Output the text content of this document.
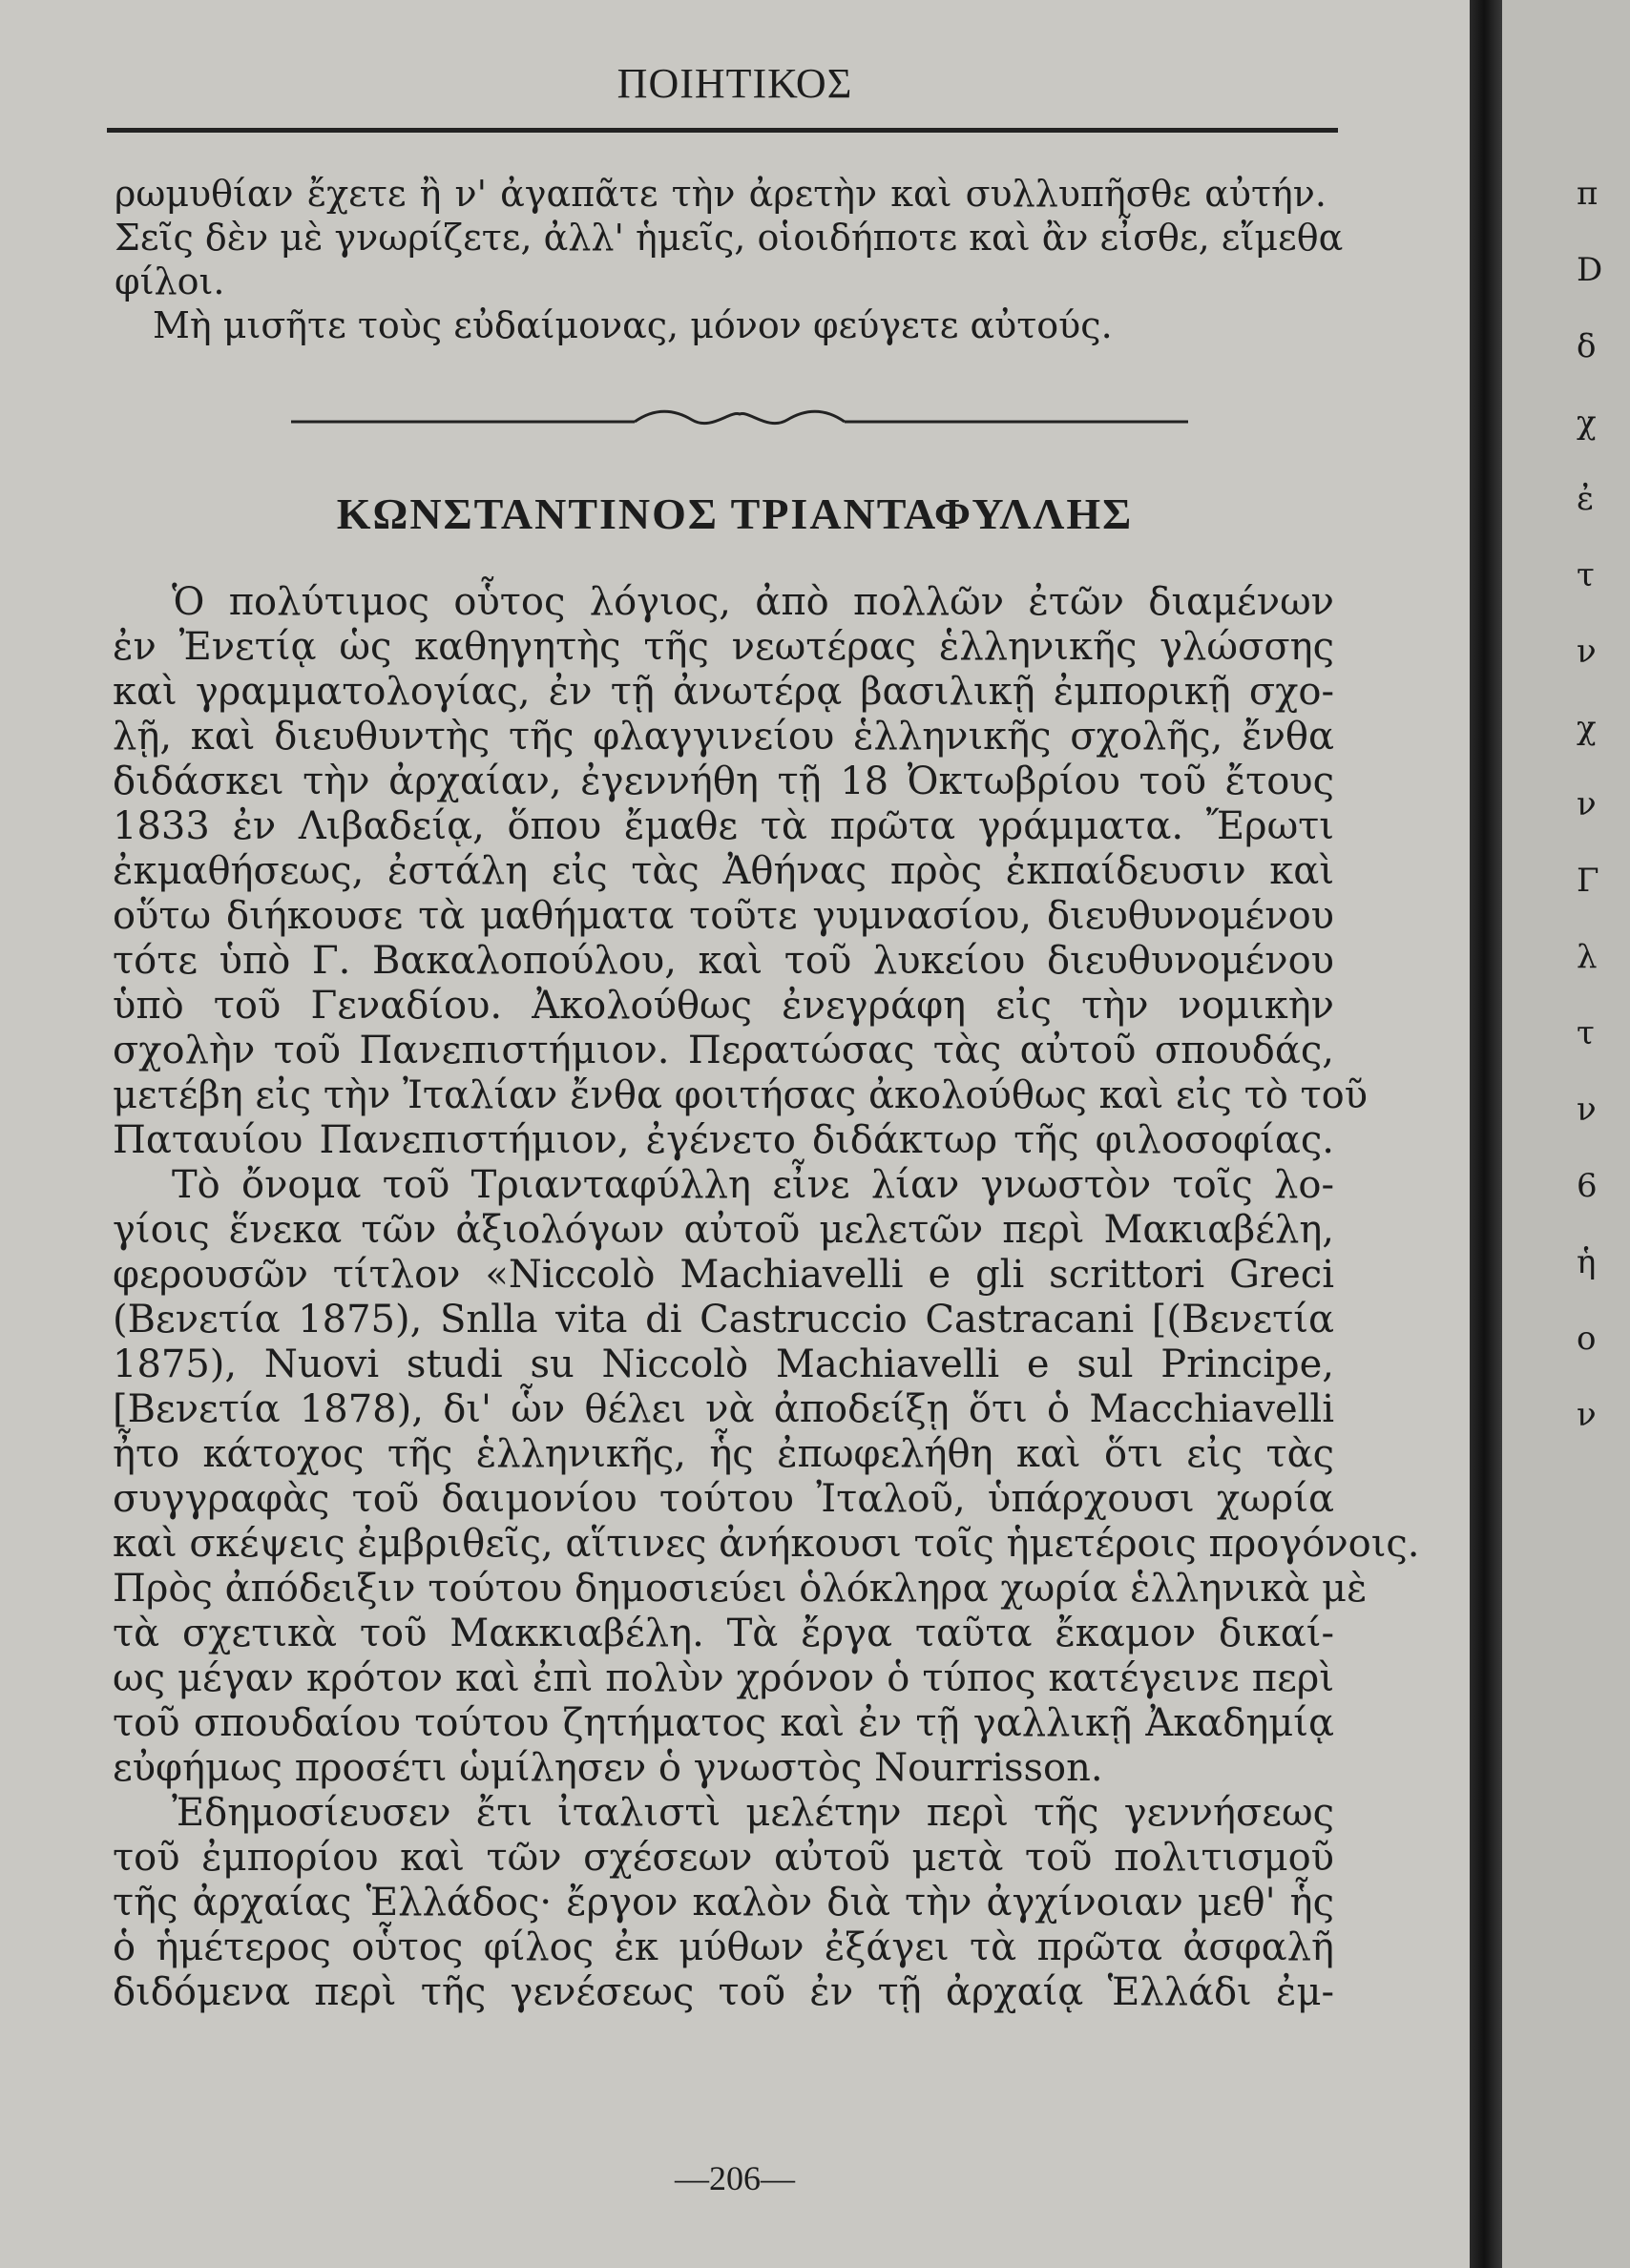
ΠΟΙΗΤΙΚΟΣ
ρωμυθίαν ἔχετε ἢ ν' ἀγαπᾶτε τὴν ἀρετὴν καὶ συλλυπῆσθε αὐτήν.
Σεῖς δὲν μὲ γνωρίζετε, ἀλλ' ἡμεῖς, οἱοιδήποτε καὶ ἂν εἶσθε, εἴμεθα
φίλοι.
Μὴ μισῆτε τοὺς εὐδαίμονας, μόνον φεύγετε αὐτούς.
ΚΩΝΣΤΑΝΤΙΝΟΣ ΤΡΙΑΝΤΑΦΥΛΛΗΣ
Ὁ πολύτιμος οὗτος λόγιος, ἀπὸ πολλῶν ἐτῶν διαμένων
ἐν Ἐνετίᾳ ὡς καθηγητὴς τῆς νεωτέρας ἑλληνικῆς γλώσσης
καὶ γραμματολογίας, ἐν τῇ ἀνωτέρᾳ βασιλικῇ ἐμπορικῇ σχο-
λῇ, καὶ διευθυντὴς τῆς φλαγγινείου ἑλληνικῆς σχολῆς, ἔνθα
διδάσκει τὴν ἀρχαίαν, ἐγεννήθη τῇ 18 Ὀκτωβρίου τοῦ ἔτους
1833 ἐν Λιβαδείᾳ, ὅπου ἔμαθε τὰ πρῶτα γράμματα. Ἔρωτι
ἐκμαθήσεως, ἐστάλη εἰς τὰς Ἀθήνας πρὸς ἐκπαίδευσιν καὶ
οὕτω διήκουσε τὰ μαθήματα τοῦτε γυμνασίου, διευθυνομένου
τότε ὑπὸ Γ. Βακαλοπούλου, καὶ τοῦ λυκείου διευθυνομένου
ὑπὸ τοῦ Γεναδίου. Ἀκολούθως ἐνεγράφη εἰς τὴν νομικὴν
σχολὴν τοῦ Πανεπιστήμιον. Περατώσας τὰς αὐτοῦ σπουδάς,
μετέβη εἰς τὴν Ἰταλίαν ἔνθα φοιτήσας ἀκολούθως καὶ εἰς τὸ τοῦ
Παταυίου Πανεπιστήμιον, ἐγένετο διδάκτωρ τῆς φιλοσοφίας.
Τὸ ὄνομα τοῦ Τριανταφύλλη εἶνε λίαν γνωστὸν τοῖς λο-
γίοις ἕνεκα τῶν ἀξιολόγων αὐτοῦ μελετῶν περὶ Μακιαβέλη,
φερουσῶν τίτλον «Niccolò Machiavelli e gli scrittori Greci
(Βενετία 1875), Snlla vita di Castruccio Castracani [(Βενετία
1875), Nuovi studi su Niccolò Machiavelli e sul Principe,
[Βενετία 1878), δι' ὧν θέλει νὰ ἀποδείξῃ ὅτι ὁ Macchiavelli
ἦτο κάτοχος τῆς ἑλληνικῆς, ἧς ἐπωφελήθη καὶ ὅτι εἰς τὰς
συγγραφὰς τοῦ δαιμονίου τούτου Ἰταλοῦ, ὑπάρχουσι χωρία
καὶ σκέψεις ἐμβριθεῖς, αἵτινες ἀνήκουσι τοῖς ἡμετέροις προγόνοις.
Πρὸς ἀπόδειξιν τούτου δημοσιεύει ὁλόκληρα χωρία ἑλληνικὰ μὲ
τὰ σχετικὰ τοῦ Μακκιαβέλη. Τὰ ἔργα ταῦτα ἔκαμον δικαί-
ως μέγαν κρότον καὶ ἐπὶ πολὺν χρόνον ὁ τύπος κατέγεινε περὶ
τοῦ σπουδαίου τούτου ζητήματος καὶ ἐν τῇ γαλλικῇ Ἀκαδημίᾳ
εὐφήμως προσέτι ὡμίλησεν ὁ γνωστὸς Nourrisson.
Ἐδημοσίευσεν ἔτι ἰταλιστὶ μελέτην περὶ τῆς γεννήσεως
τοῦ ἐμπορίου καὶ τῶν σχέσεων αὐτοῦ μετὰ τοῦ πολιτισμοῦ
τῆς ἀρχαίας Ἑλλάδος· ἔργον καλὸν διὰ τὴν ἀγχίνοιαν μεθ' ἧς
ὁ ἡμέτερος οὗτος φίλος ἐκ μύθων ἐξάγει τὰ πρῶτα ἀσφαλῆ
διδόμενα περὶ τῆς γενέσεως τοῦ ἐν τῇ ἀρχαίᾳ Ἑλλάδι ἐμ-

—206—

π
D
δ
χ
ἐ
τ
ν
χ
ν
Γ
λ
τ
ν
6
ἡ
ο
ν
